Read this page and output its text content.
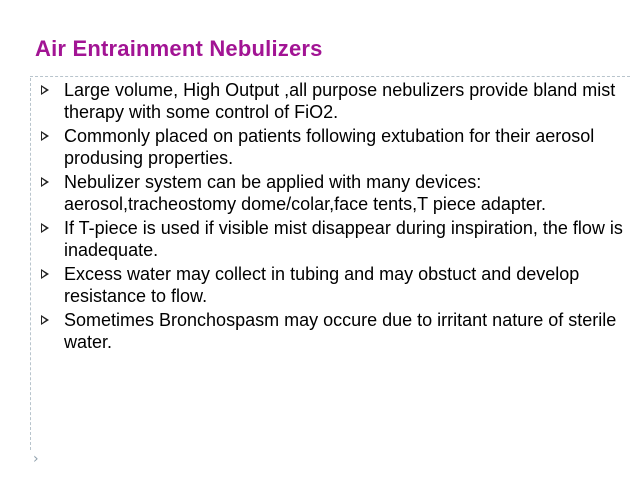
Air Entrainment Nebulizers
Large volume, High Output ,all purpose nebulizers provide bland mist therapy with some control of FiO2.
Commonly placed on patients following extubation for their aerosol produsing properties.
Nebulizer system can be applied with many devices: aerosol,tracheostomy dome/colar,face tents,T piece adapter.
If T-piece is used if visible mist disappear during inspiration, the flow is inadequate.
Excess water may collect in tubing and may obstuct and develop resistance to flow.
Sometimes Bronchospasm may occure due to irritant nature of sterile water.
›
